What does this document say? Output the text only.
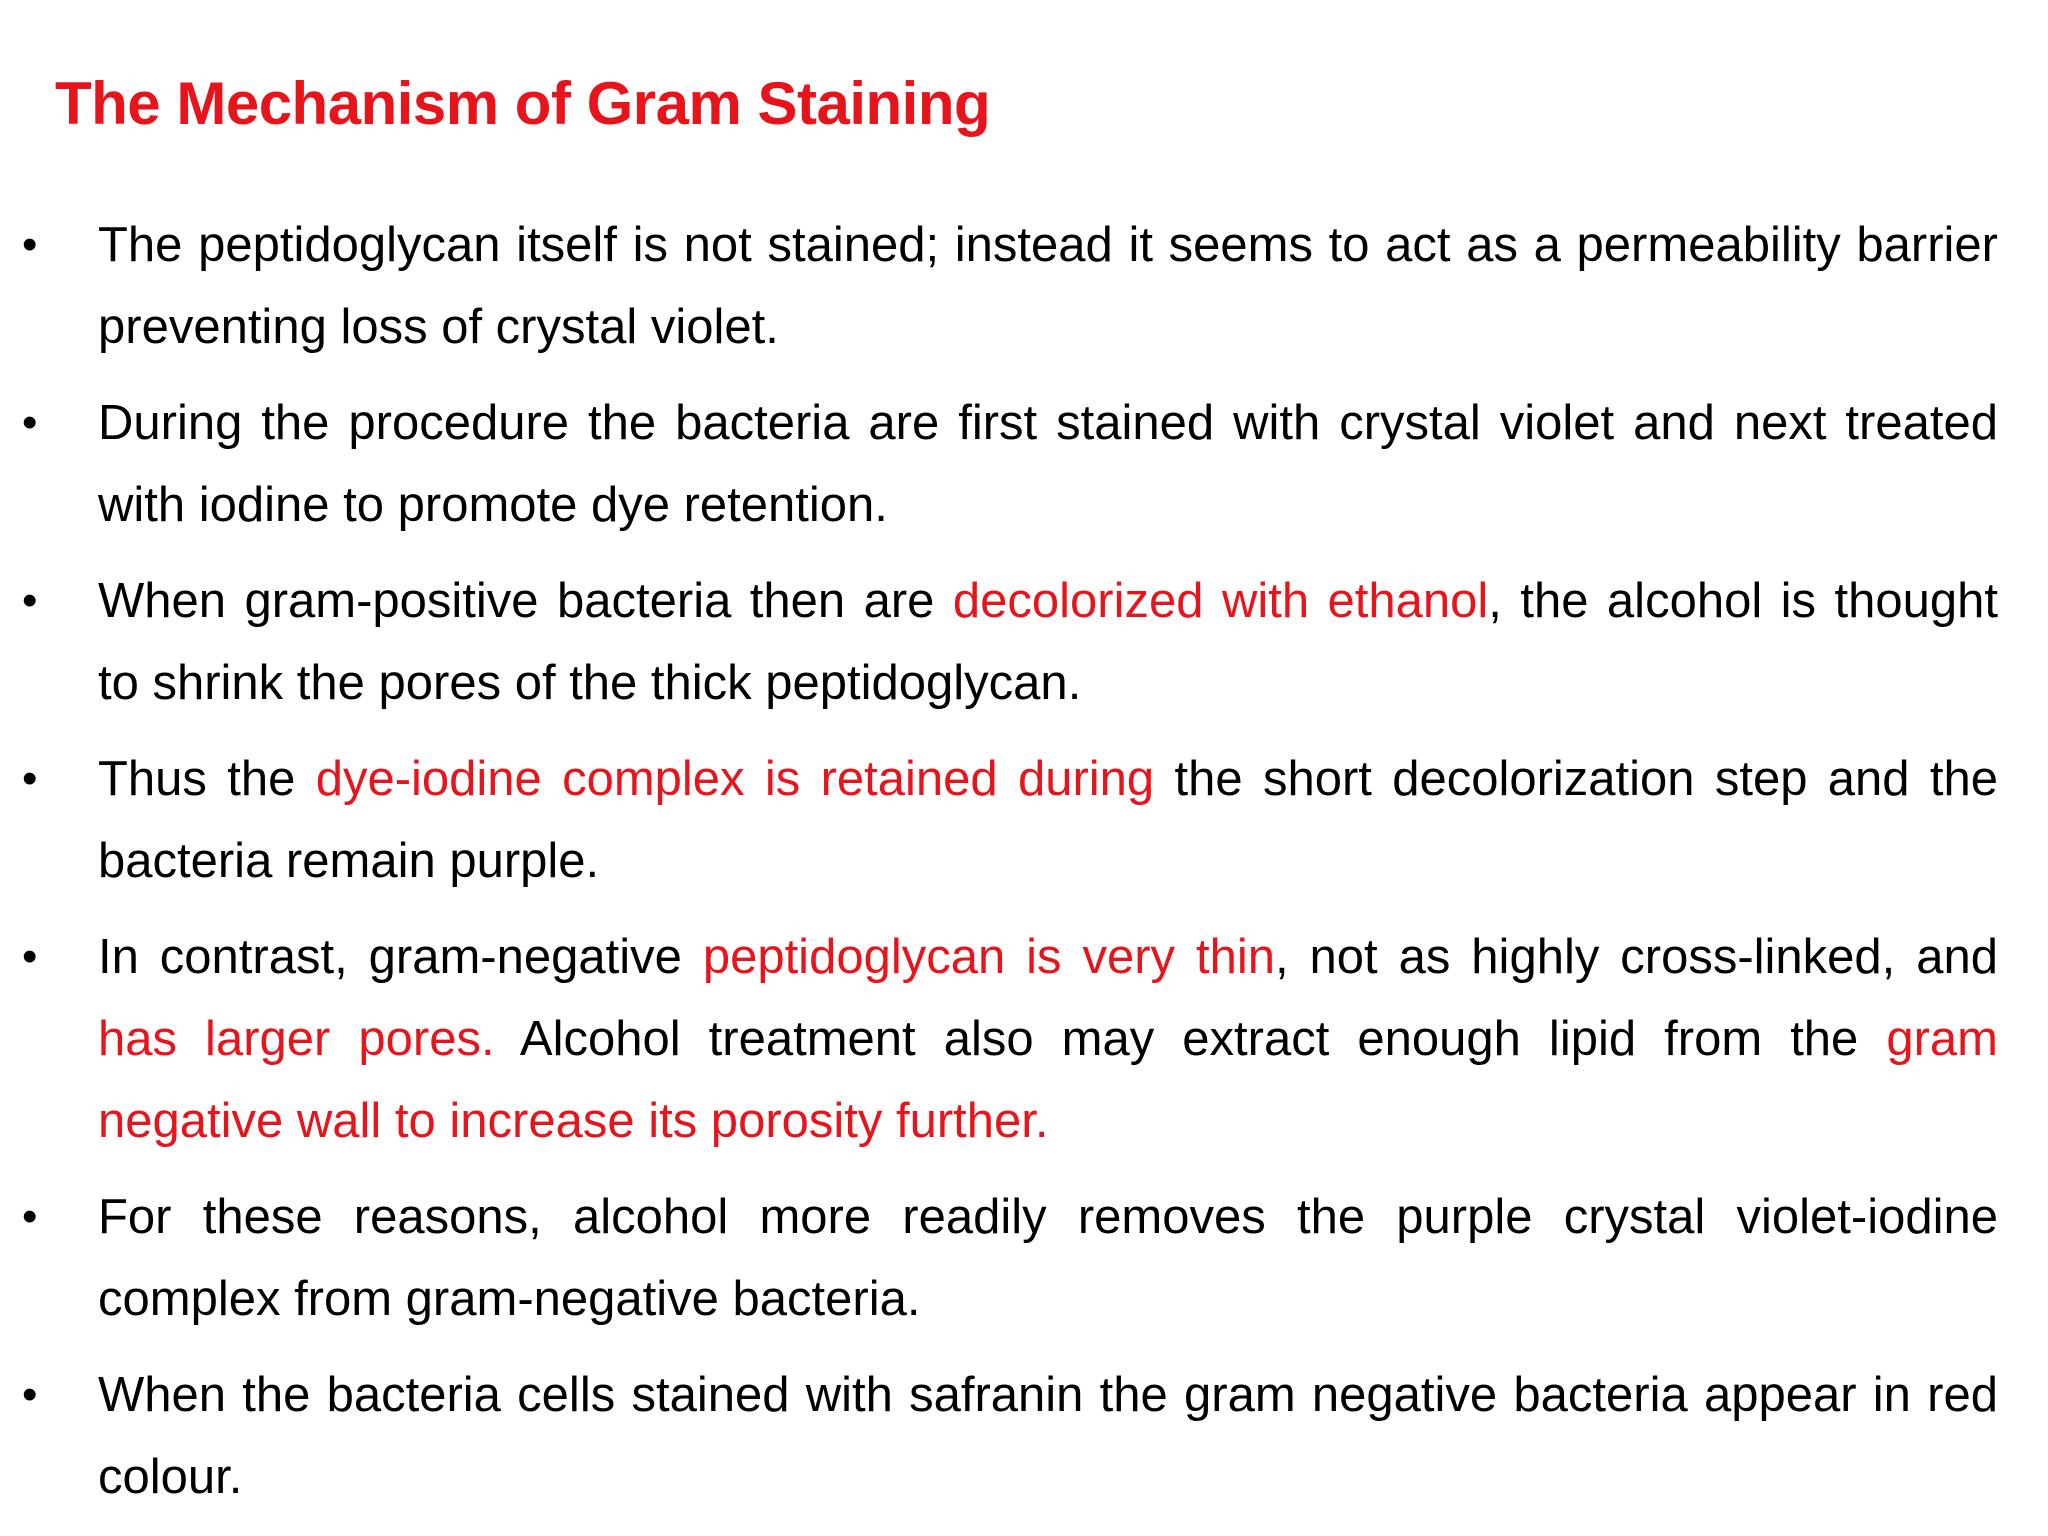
The Mechanism of Gram Staining
•	The peptidoglycan itself is not stained; instead it seems to act as a permeability barrier preventing loss of crystal violet.
•	During the procedure the bacteria are first stained with crystal violet and next treated with iodine to promote dye retention.
•	When gram-positive bacteria then are decolorized with ethanol, the alcohol is thought to shrink the pores of the thick peptidoglycan.
•	Thus the dye-iodine complex is retained during the short decolorization step and the bacteria remain purple.
•	In contrast, gram-negative peptidoglycan is very thin, not as highly cross-linked, and has larger pores. Alcohol treatment also may extract enough lipid from the gram negative wall to increase its porosity further.
•	For these reasons, alcohol more readily removes the purple crystal violet-iodine complex from gram-negative bacteria.
•	When the bacteria cells stained with safranin the gram negative bacteria appear in red colour.
